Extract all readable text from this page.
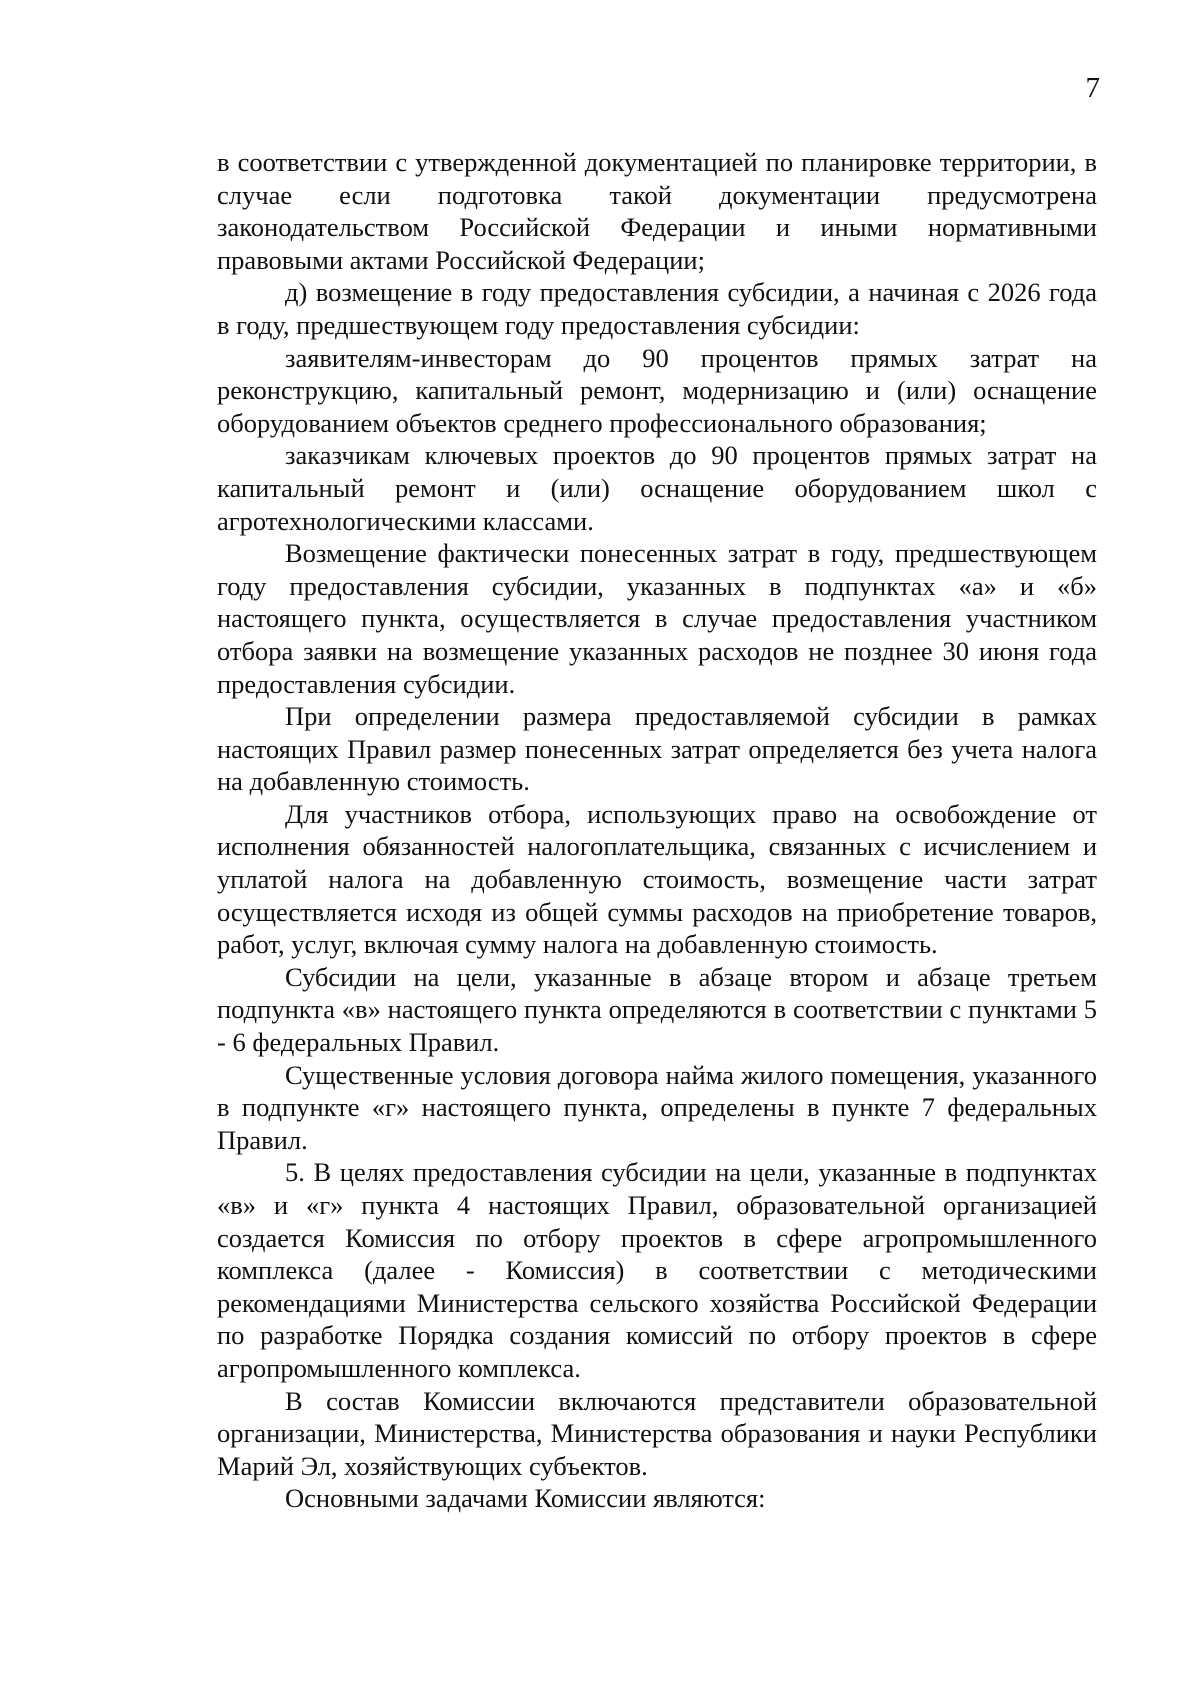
7

в соответствии с утвержденной документацией по планировке территории, в случае если подготовка такой документации предусмотрена законодательством Российской Федерации и иными нормативными правовыми актами Российской Федерации;

д) возмещение в году предоставления субсидии, а начиная с 2026 года в году, предшествующем году предоставления субсидии:

заявителям-инвесторам до 90 процентов прямых затрат на реконструкцию, капитальный ремонт, модернизацию и (или) оснащение оборудованием объектов среднего профессионального образования;

заказчикам ключевых проектов до 90 процентов прямых затрат на капитальный ремонт и (или) оснащение оборудованием школ с агротехнологическими классами.

Возмещение фактически понесенных затрат в году, предшествующем году предоставления субсидии, указанных в подпунктах «а» и «б» настоящего пункта, осуществляется в случае предоставления участником отбора заявки на возмещение указанных расходов не позднее 30 июня года предоставления субсидии.

При определении размера предоставляемой субсидии в рамках настоящих Правил размер понесенных затрат определяется без учета налога на добавленную стоимость.

Для участников отбора, использующих право на освобождение от исполнения обязанностей налогоплательщика, связанных с исчислением и уплатой налога на добавленную стоимость, возмещение части затрат осуществляется исходя из общей суммы расходов на приобретение товаров, работ, услуг, включая сумму налога на добавленную стоимость.

Субсидии на цели, указанные в абзаце втором и абзаце третьем подпункта «в» настоящего пункта определяются в соответствии с пунктами 5 - 6 федеральных Правил.

Существенные условия договора найма жилого помещения, указанного в подпункте «г» настоящего пункта, определены в пункте 7 федеральных Правил.

5. В целях предоставления субсидии на цели, указанные в подпунктах «в» и «г» пункта 4 настоящих Правил, образовательной организацией создается Комиссия по отбору проектов в сфере агропромышленного комплекса (далее - Комиссия) в соответствии с методическими рекомендациями Министерства сельского хозяйства Российской Федерации по разработке Порядка создания комиссий по отбору проектов в сфере агропромышленного комплекса.

В состав Комиссии включаются представители образовательной организации, Министерства, Министерства образования и науки Республики Марий Эл, хозяйствующих субъектов.

Основными задачами Комиссии являются:
